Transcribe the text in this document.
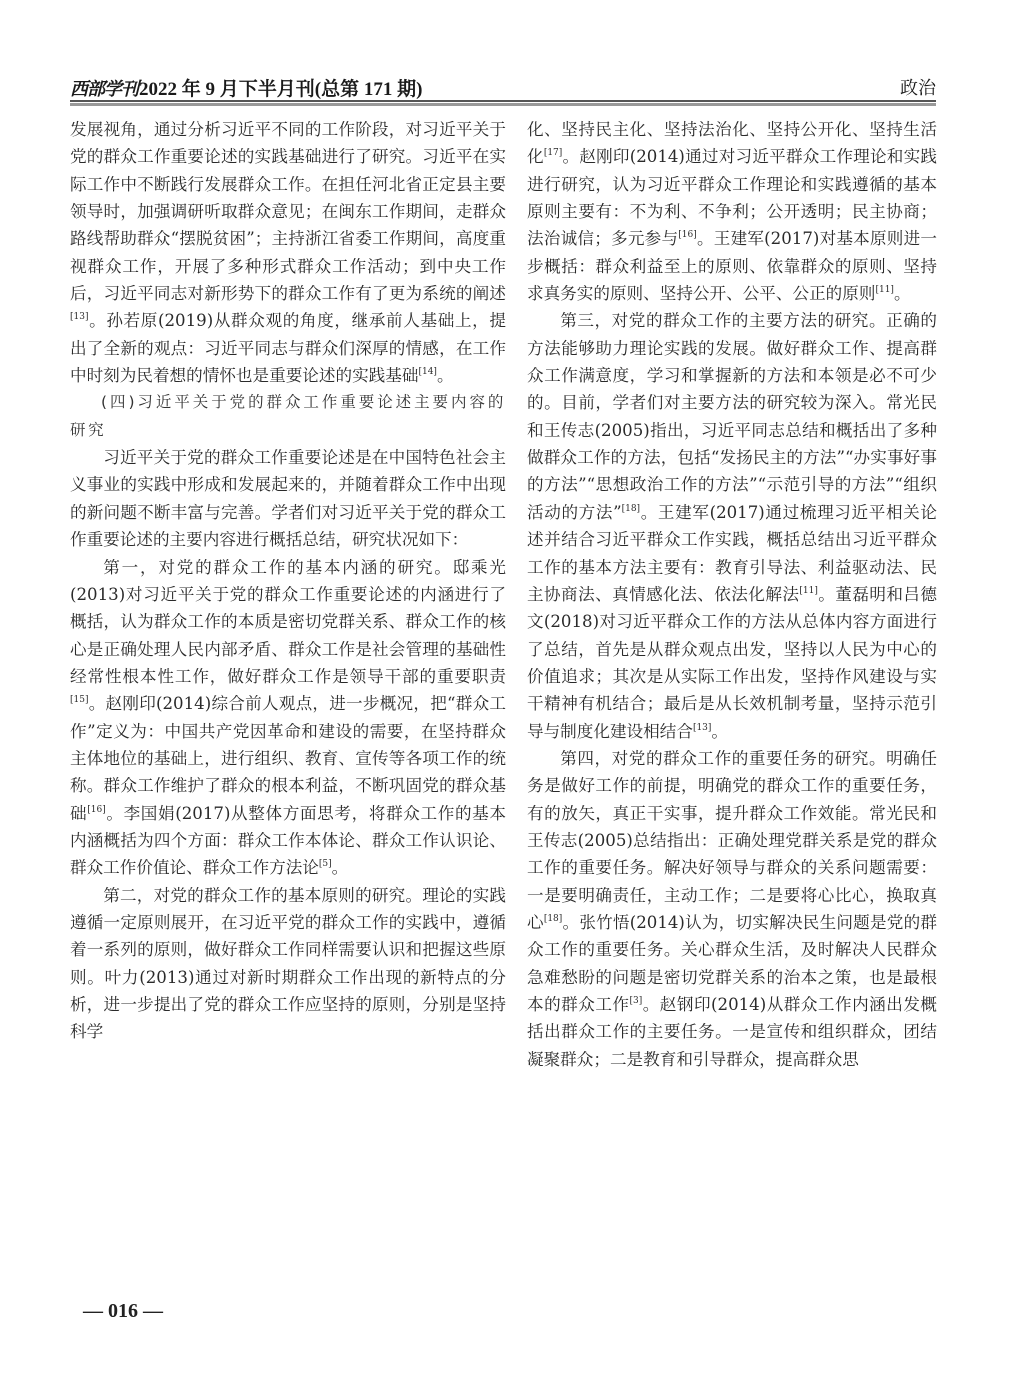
西部学刊2022 年 9 月下半月刊(总第 171 期)	政治

发展视角，通过分析习近平不同的工作阶段，对习近平关于党的群众工作重要论述的实践基础进行了研究。习近平在实际工作中不断践行发展群众工作。在担任河北省正定县主要领导时，加强调研听取群众意见；在闽东工作期间，走群众路线帮助群众“摆脱贫困”；主持浙江省委工作期间，高度重视群众工作，开展了多种形式群众工作活动；到中央工作后，习近平同志对新形势下的群众工作有了更为系统的阐述[13]。孙若原(2019)从群众观的角度，继承前人基础上，提出了全新的观点：习近平同志与群众们深厚的情感，在工作中时刻为民着想的情怀也是重要论述的实践基础[14]。

(四)习近平关于党的群众工作重要论述主要内容的研究

习近平关于党的群众工作重要论述是在中国特色社会主义事业的实践中形成和发展起来的，并随着群众工作中出现的新问题不断丰富与完善。学者们对习近平关于党的群众工作重要论述的主要内容进行概括总结，研究状况如下：

第一，对党的群众工作的基本内涵的研究。邸乘光(2013)对习近平关于党的群众工作重要论述的内涵进行了概括，认为群众工作的本质是密切党群关系、群众工作的核心是正确处理人民内部矛盾、群众工作是社会管理的基础性经常性根本性工作，做好群众工作是领导干部的重要职责[15]。赵刚印(2014)综合前人观点，进一步概况，把“群众工作”定义为：中国共产党因革命和建设的需要，在坚持群众主体地位的基础上，进行组织、教育、宣传等各项工作的统称。群众工作维护了群众的根本利益，不断巩固党的群众基础[16]。李国娟(2017)从整体方面思考，将群众工作的基本内涵概括为四个方面：群众工作本体论、群众工作认识论、群众工作价值论、群众工作方法论[5]。

第二，对党的群众工作的基本原则的研究。理论的实践遵循一定原则展开，在习近平党的群众工作的实践中，遵循着一系列的原则，做好群众工作同样需要认识和把握这些原则。叶力(2013)通过对新时期群众工作出现的新特点的分析，进一步提出了党的群众工作应坚持的原则，分别是坚持科学

化、坚持民主化、坚持法治化、坚持公开化、坚持生活化[17]。赵刚印(2014)通过对习近平群众工作理论和实践进行研究，认为习近平群众工作理论和实践遵循的基本原则主要有：不为利、不争利；公开透明；民主协商；法治诚信；多元参与[16]。王建军(2017)对基本原则进一步概括：群众利益至上的原则、依靠群众的原则、坚持求真务实的原则、坚持公开、公平、公正的原则[11]。

第三，对党的群众工作的主要方法的研究。正确的方法能够助力理论实践的发展。做好群众工作、提高群众工作满意度，学习和掌握新的方法和本领是必不可少的。目前，学者们对主要方法的研究较为深入。常光民和王传志(2005)指出，习近平同志总结和概括出了多种做群众工作的方法，包括“发扬民主的方法”“办实事好事的方法”“思想政治工作的方法”“示范引导的方法”“组织活动的方法”[18]。王建军(2017)通过梳理习近平相关论述并结合习近平群众工作实践，概括总结出习近平群众工作的基本方法主要有：教育引导法、利益驱动法、民主协商法、真情感化法、依法化解法[11]。董磊明和吕德文(2018)对习近平群众工作的方法从总体内容方面进行了总结，首先是从群众观点出发，坚持以人民为中心的价值追求；其次是从实际工作出发，坚持作风建设与实干精神有机结合；最后是从长效机制考量，坚持示范引导与制度化建设相结合[13]。

第四，对党的群众工作的重要任务的研究。明确任务是做好工作的前提，明确党的群众工作的重要任务，有的放矢，真正干实事，提升群众工作效能。常光民和王传志(2005)总结指出：正确处理党群关系是党的群众工作的重要任务。解决好领导与群众的关系问题需要：一是要明确责任，主动工作；二是要将心比心，换取真心[18]。张竹悟(2014)认为，切实解决民生问题是党的群众工作的重要任务。关心群众生活，及时解决人民群众急难愁盼的问题是密切党群关系的治本之策，也是最根本的群众工作[3]。赵钢印(2014)从群众工作内涵出发概括出群众工作的主要任务。一是宣传和组织群众，团结凝聚群众；二是教育和引导群众，提高群众思

— 016 —
